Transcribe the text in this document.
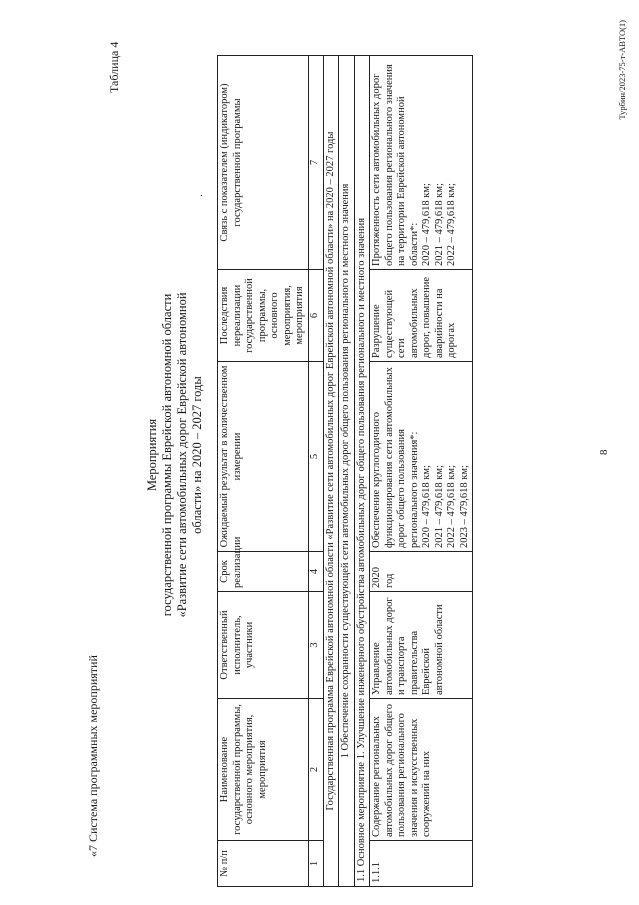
8
Таблица 4
«7 Система программных мероприятий
Мероприятия государственной программы Еврейской автономной области «Развитие сети автомобильных дорог Еврейской автономной области» на 2020 – 2027 годы
·
№ п/п	Наименование государственной программы, основного мероприятия, мероприятия	Ответственный исполнитель, участники	Срок реализации	Ожидаемый результат в количественном измерении	Последствия нереализации государственной программы, основного мероприятия, мероприятия	Связь с показателем (индикатором) государственной программы
1	2	3	4	5	6	7
Государственная программа Еврейской автономной области «Развитие сети автомобильных дорог Еврейской автономной области» на 2020 – 2027 годы						
1 Обеспечение сохранности существующей сети автомобильных дорог общего пользования регионального и местного значения						
1.1 Основное мероприятие 1. Улучшение инженерного обустройства автомобильных дорог общего пользования регионального и местного значения						
1.1.1	Содержание региональных автомобильных дорог общего пользования регионального значения и искусственных сооружений на них	Управление автомобильных дорог и транспорта правительства Еврейской автономной области	2020 год	Обеспечение круглогодичного функционирования сети автомобильных дорог общего пользования регионального значения*: 2020 – 479,618 км; 2021 – 479,618 км; 2022 – 479,618 км; 2023 – 479,618 км;	Разрушение существующей сети автомобильных дорог, повышение аварийности на дорогах	Протяженность сети автомобильных дорог общего пользования регионального значения на территории Еврейской автономной области*: 2020 – 479,618 км; 2021 – 479,618 км; 2022 – 479,618 км;
Турбин/2023-75-т-АВТО(1)
